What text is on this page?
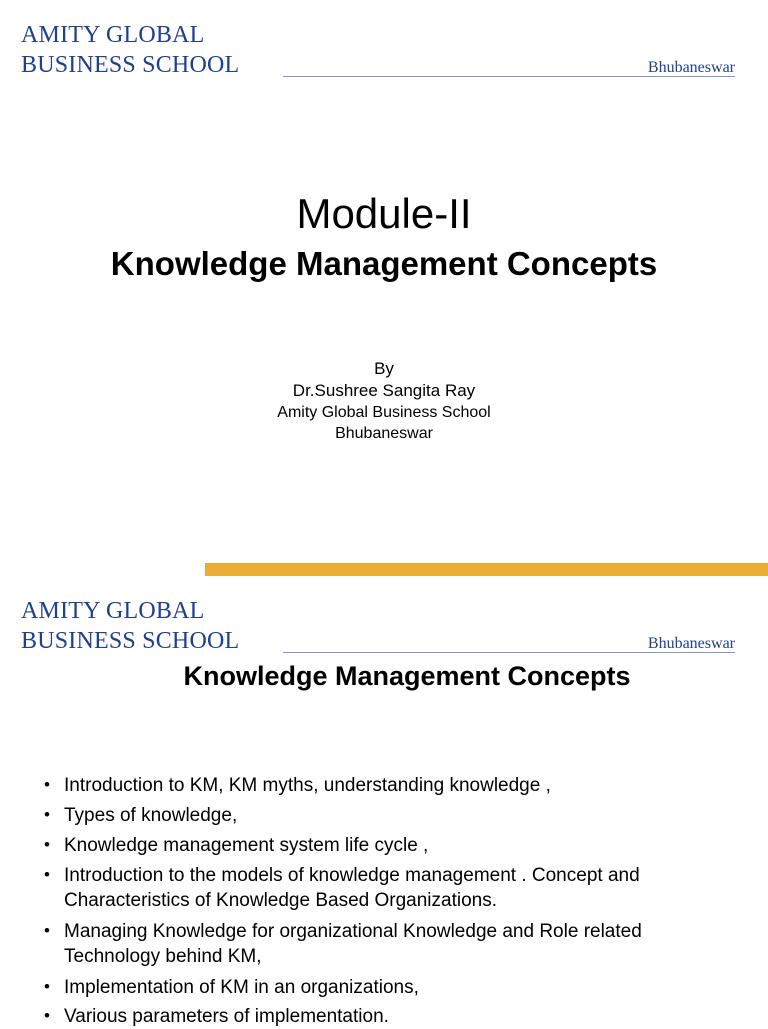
AMITY GLOBAL
BUSINESS SCHOOL	Bhubaneswar
Module-II
Knowledge Management Concepts
By
Dr.Sushree Sangita Ray
Amity Global Business School
Bhubaneswar
AMITY GLOBAL
BUSINESS SCHOOL	Bhubaneswar
Knowledge Management Concepts
• Introduction to KM, KM myths, understanding knowledge ,
• Types of knowledge,
• Knowledge management system life cycle ,
• Introduction to the models of knowledge management . Concept and Characteristics of Knowledge Based Organizations.
• Managing Knowledge for organizational Knowledge and Role related Technology behind KM,
• Implementation of KM in an organizations,
• Various parameters of implementation.
